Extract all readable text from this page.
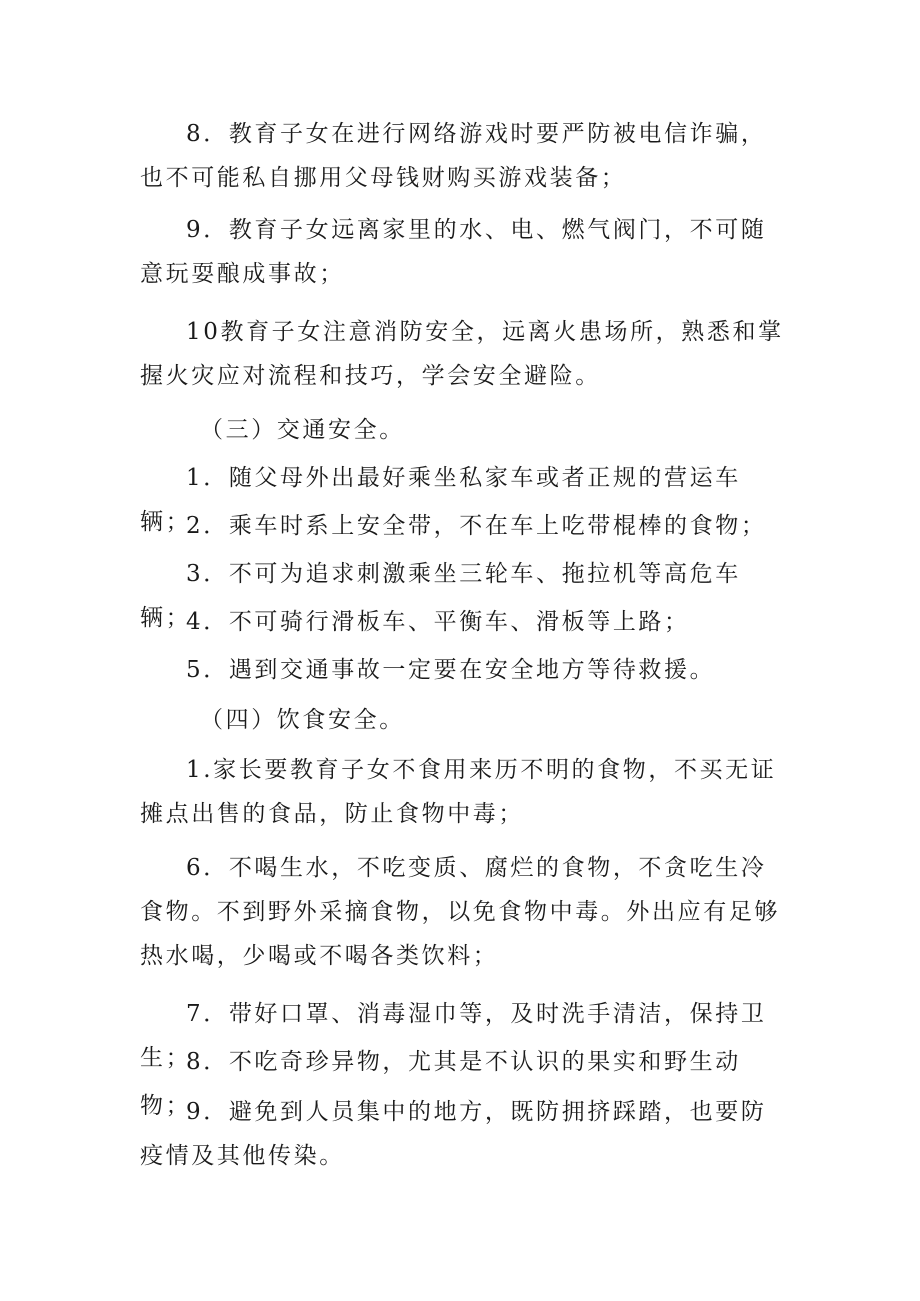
8．教育子女在进行网络游戏时要严防被电信诈骗，也不可能私自挪用父母钱财购买游戏装备；

9．教育子女远离家里的水、电、燃气阀门，不可随意玩耍酿成事故；

10教育子女注意消防安全，远离火患场所，熟悉和掌握火灾应对流程和技巧，学会安全避险。

（三）交通安全。

1．随父母外出最好乘坐私家车或者正规的营运车辆；

2．乘车时系上安全带，不在车上吃带棍棒的食物；

3．不可为追求刺激乘坐三轮车、拖拉机等高危车辆；

4．不可骑行滑板车、平衡车、滑板等上路；

5．遇到交通事故一定要在安全地方等待救援。

（四）饮食安全。

1.家长要教育子女不食用来历不明的食物，不买无证摊点出售的食品，防止食物中毒；

6．不喝生水，不吃变质、腐烂的食物，不贪吃生冷食物。不到野外采摘食物，以免食物中毒。外出应有足够热水喝，少喝或不喝各类饮料；

7．带好口罩、消毒湿巾等，及时洗手清洁，保持卫生；

8．不吃奇珍异物，尤其是不认识的果实和野生动物；

9．避免到人员集中的地方，既防拥挤踩踏，也要防疫情及其他传染。
